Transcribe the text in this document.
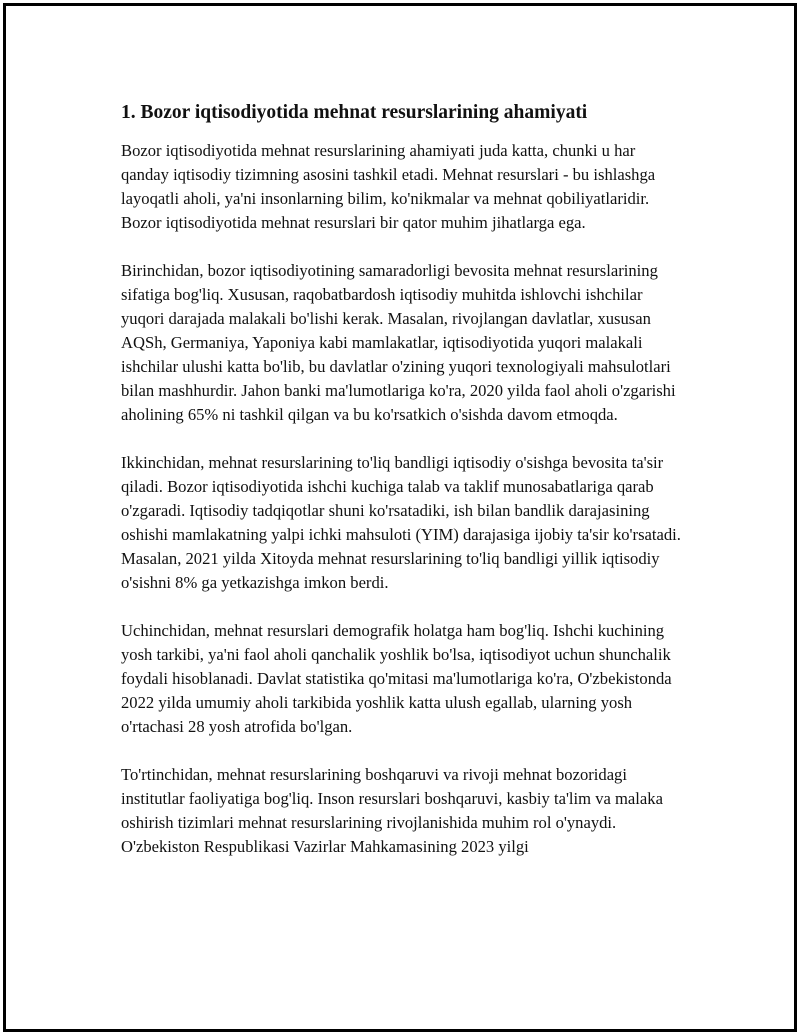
1. Bozor iqtisodiyotida mehnat resurslarining ahamiyati

Bozor iqtisodiyotida mehnat resurslarining ahamiyati juda katta, chunki u har qanday iqtisodiy tizimning asosini tashkil etadi. Mehnat resurslari - bu ishlashga layoqatli aholi, ya'ni insonlarning bilim, ko'nikmalar va mehnat qobiliyatlaridir. Bozor iqtisodiyotida mehnat resurslari bir qator muhim jihatlarga ega.

Birinchidan, bozor iqtisodiyotining samaradorligi bevosita mehnat resurslarining sifatiga bog'liq. Xususan, raqobatbardosh iqtisodiy muhitda ishlovchi ishchilar yuqori darajada malakali bo'lishi kerak. Masalan, rivojlangan davlatlar, xususan AQSh, Germaniya, Yaponiya kabi mamlakatlar, iqtisodiyotida yuqori malakali ishchilar ulushi katta bo'lib, bu davlatlar o'zining yuqori texnologiyali mahsulotlari bilan mashhurdir. Jahon banki ma'lumotlariga ko'ra, 2020 yilda faol aholi o'zgarishi aholining 65% ni tashkil qilgan va bu ko'rsatkich o'sishda davom etmoqda.

Ikkinchidan, mehnat resurslarining to'liq bandligi iqtisodiy o'sishga bevosita ta'sir qiladi. Bozor iqtisodiyotida ishchi kuchiga talab va taklif munosabatlariga qarab o'zgaradi. Iqtisodiy tadqiqotlar shuni ko'rsatadiki, ish bilan bandlik darajasining oshishi mamlakatning yalpi ichki mahsuloti (YIM) darajasiga ijobiy ta'sir ko'rsatadi. Masalan, 2021 yilda Xitoyda mehnat resurslarining to'liq bandligi yillik iqtisodiy o'sishni 8% ga yetkazishga imkon berdi.

Uchinchidan, mehnat resurslari demografik holatga ham bog'liq. Ishchi kuchining yosh tarkibi, ya'ni faol aholi qanchalik yoshlik bo'lsa, iqtisodiyot uchun shunchalik foydali hisoblanadi. Davlat statistika qo'mitasi ma'lumotlariga ko'ra, O'zbekistonda 2022 yilda umumiy aholi tarkibida yoshlik katta ulush egallab, ularning yosh o'rtachasi 28 yosh atrofida bo'lgan.

To'rtinchidan, mehnat resurslarining boshqaruvi va rivoji mehnat bozoridagi institutlar faoliyatiga bog'liq. Inson resurslari boshqaruvi, kasbiy ta'lim va malaka oshirish tizimlari mehnat resurslarining rivojlanishida muhim rol o'ynaydi. O'zbekiston Respublikasi Vazirlar Mahkamasining 2023 yilgi
